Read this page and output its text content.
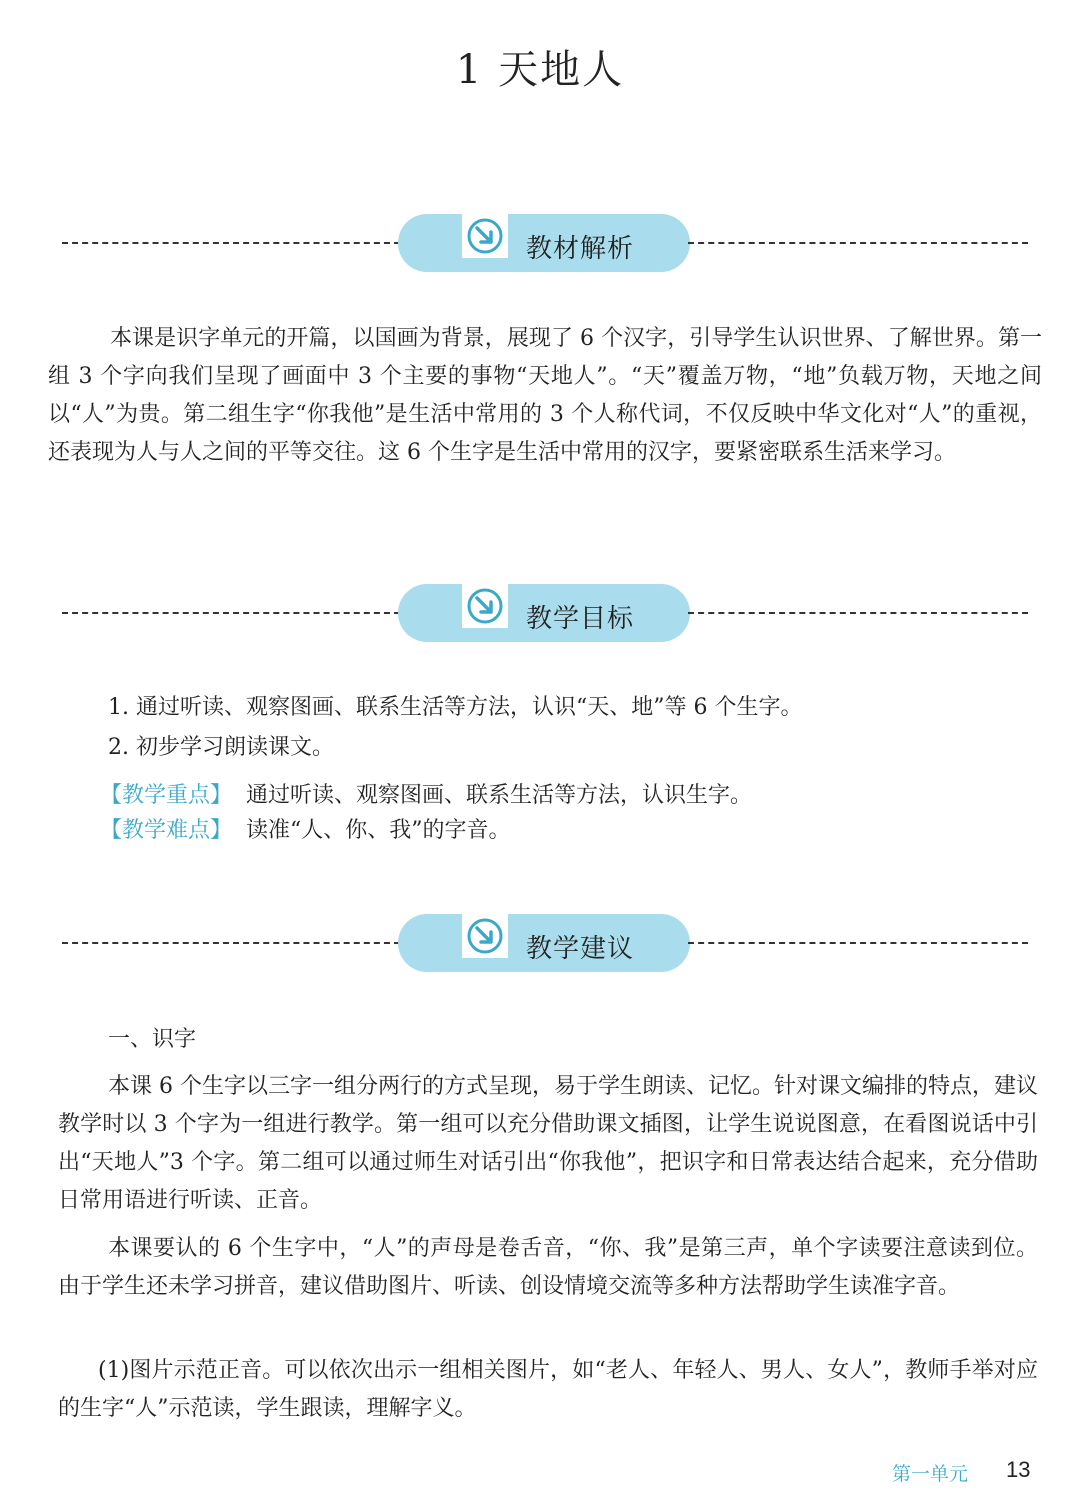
1 天地人
教材解析

本课是识字单元的开篇，以国画为背景，展现了 6 个汉字，引导学生认识世界、了解世界。第一组 3 个字向我们呈现了画面中 3 个主要的事物“天地人”。“天”覆盖万物，“地”负载万物，天地之间以“人”为贵。第二组生字“你我他”是生活中常用的 3 个人称代词，不仅反映中华文化对“人”的重视，还表现为人与人之间的平等交往。这 6 个生字是生活中常用的汉字，要紧密联系生活来学习。

教学目标
1. 通过听读、观察图画、联系生活等方法，认识“天、地”等 6 个生字。
2. 初步学习朗读课文。
【教学重点】 通过听读、观察图画、联系生活等方法，认识生字。
【教学难点】 读准“人、你、我”的字音。
教学建议
一、识字

本课 6 个生字以三字一组分两行的方式呈现，易于学生朗读、记忆。针对课文编排的特点，建议教学时以 3 个字为一组进行教学。第一组可以充分借助课文插图，让学生说说图意，在看图说话中引出“天地人”3 个字。第二组可以通过师生对话引出“你我他”，把识字和日常表达结合起来，充分借助日常用语进行听读、正音。

本课要认的 6 个生字中，“人”的声母是卷舌音，“你、我”是第三声，单个字读要注意读到位。由于学生还未学习拼音，建议借助图片、听读、创设情境交流等多种方法帮助学生读准字音。

(1)图片示范正音。可以依次出示一组相关图片，如“老人、年轻人、男人、女人”，教师手举对应的生字“人”示范读，学生跟读，理解字义。

第一单元 13
